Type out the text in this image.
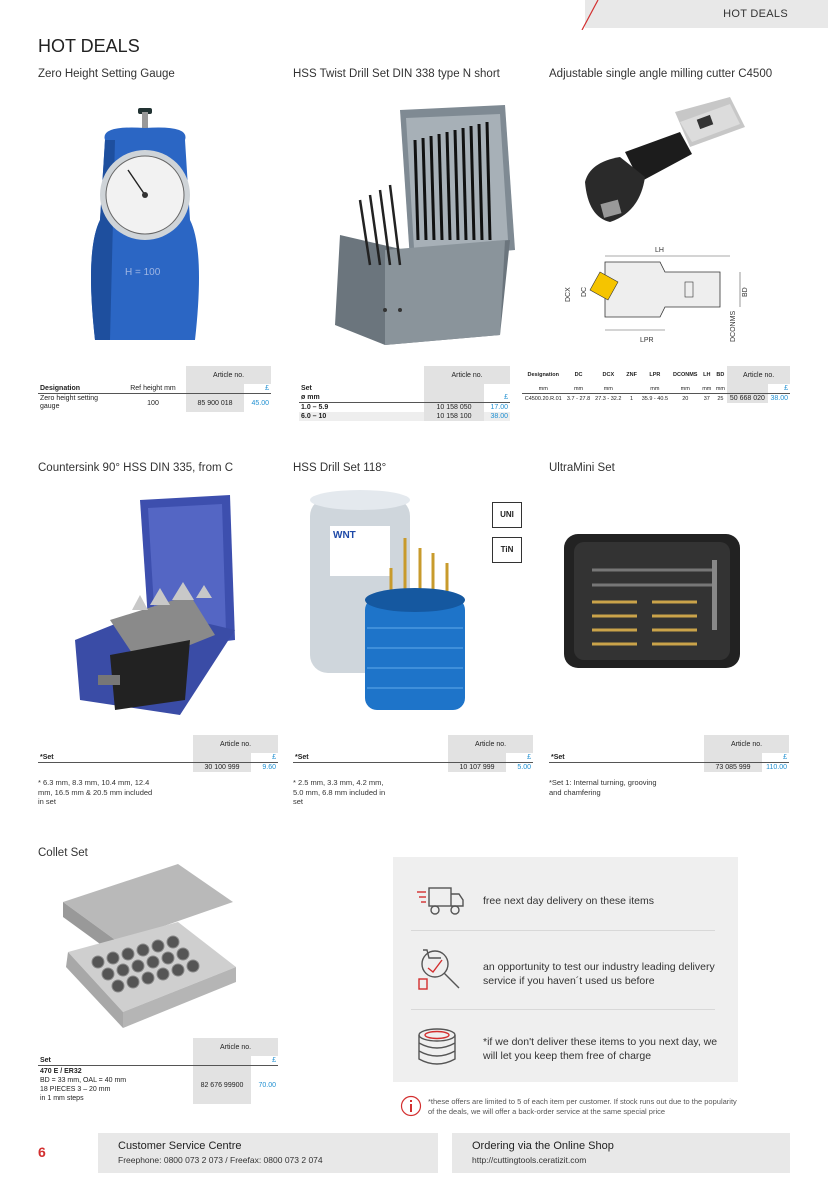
HOT DEALS
HOT DEALS
Zero Height Setting Gauge
H = 100
		Article no.	
Designation	Ref height mm		£
Zero height setting gauge	100	85 900 018	45.00
HSS Twist Drill Set DIN 338 type N short
	Article no.	
Set		
ø mm		£
1.0 – 5.9	10 158 050	17.00
6.0 – 10	10 158 100	38.00
Adjustable single angle milling cutter C4500
LH
DCX DC	BD
LPR	DCONMS
Designation	DC	DCX	ZNF	LPR	DCONMS	LH	BD	Article no.	
mm	mm	mm		mm	mm	mm	mm		£
C4500.20.R.01	3.7 - 27.8	27.3 - 32.2	1	35.9 - 40.5	20	37	25	50 668 020	38.00
Countersink 90° HSS DIN 335, from C
	Article no.	
*Set		£
	30 100 999	9.60
* 6.3 mm, 8.3 mm, 10.4 mm, 12.4 mm, 16.5 mm & 20.5 mm included in set
HSS Drill Set 118°
WNT
UNI
TiN
	Article no.	
*Set		£
	10 107 999	5.00
* 2.5 mm, 3.3 mm, 4.2 mm, 5.0 mm, 6.8 mm included in set
UltraMini Set
	Article no.	
*Set		£
	73 085 999	110.00
*Set 1: Internal turning, grooving and chamfering
Collet Set
	Article no.	
Set		£

470 E / ER32
BD = 33 mm, OAL = 40 mm
18 PIECES 3 – 20 mm
in 1 mm steps	82 676 99900	70.00
free next day delivery on these items
an opportunity to test our industry leading delivery service if you haven´t used us before
*if we don't deliver these items to you next day, we will let you keep them free of charge
*these offers are limited to 5 of each item per customer. If stock runs out due to the popularity of the deals, we will offer a back-order service at the same special price
6	Customer Service Centre
Freephone: 0800 073 2 073 / Freefax: 0800 073 2 074
Ordering via the Online Shop
http://cuttingtools.ceratizit.com
